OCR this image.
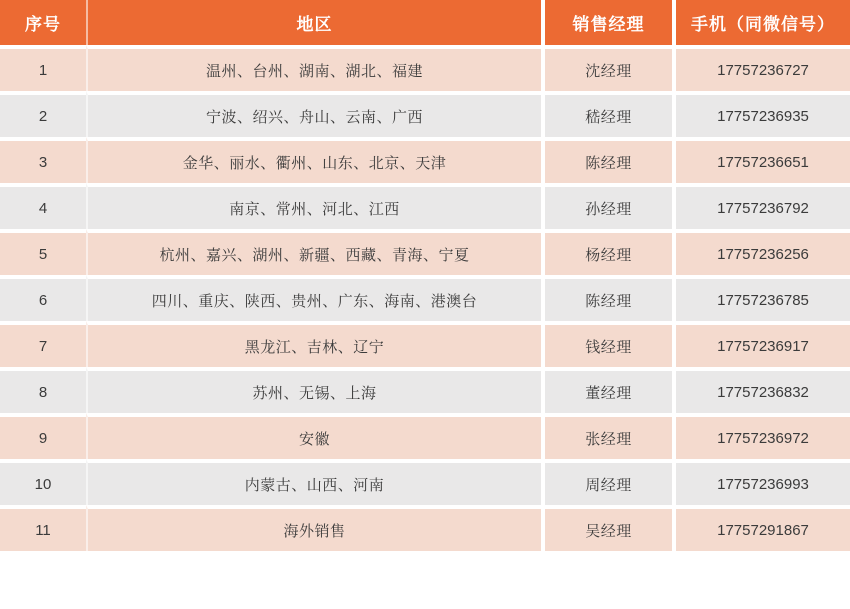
序号	地区	销售经理	手机（同微信号）
1	温州、台州、湖南、湖北、福建	沈经理	17757236727
2	宁波、绍兴、舟山、云南、广西	嵇经理	17757236935
3	金华、丽水、衢州、山东、北京、天津	陈经理	17757236651
4	南京、常州、河北、江西	孙经理	17757236792
5	杭州、嘉兴、湖州、新疆、西藏、青海、宁夏	杨经理	17757236256
6	四川、重庆、陕西、贵州、广东、海南、港澳台	陈经理	17757236785
7	黑龙江、吉林、辽宁	钱经理	17757236917
8	苏州、无锡、上海	董经理	17757236832
9	安徽	张经理	17757236972
10	内蒙古、山西、河南	周经理	17757236993
11	海外销售	吴经理	17757291867
